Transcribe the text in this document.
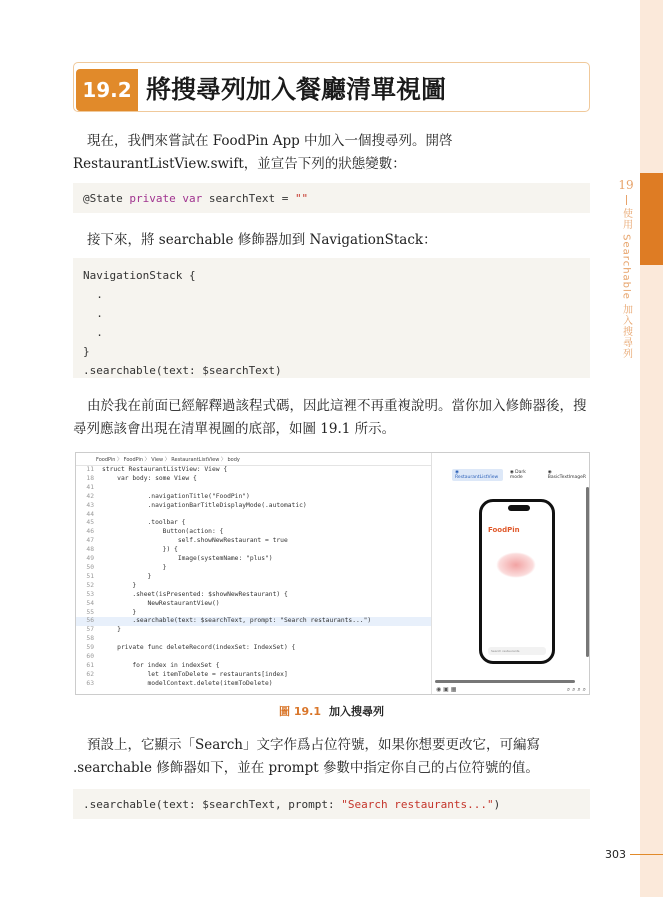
19
使用 Searchable 加入搜尋列
19.2 將搜尋列加入餐廳清單視圖

現在，我們來嘗試在 FoodPin App 中加入一個搜尋列。開啓 RestaurantListView.swift，並宣告下列的狀態變數：

@State private var searchText = ""

接下來，將 searchable 修飾器加到 NavigationStack：

NavigationStack {
.
.
.
}
.searchable(text: $searchText)

由於我在前面已經解釋過該程式碼，因此這裡不再重複說明。當你加入修飾器後，搜尋列應該會出現在清單視圖的底部，如圖 19.1 所示。

FoodPin 〉 FoodPin 〉 View 〉 RestaurantListView 〉 body
11 struct RestaurantListView: View {
18    var body: some View {
41
42            .navigationTitle("FoodPin")
43            .navigationBarTitleDisplayMode(.automatic)
44
45            .toolbar {
46                Button(action: {
47                    self.showNewRestaurant = true
48                }) {
49                    Image(systemName: "plus")
50                }
51            }
52        }
53        .sheet(isPresented: $showNewRestaurant) {
54            NewRestaurantView()
55        }
56        .searchable(text: $searchText, prompt: "Search restaurants...")
57    }
58
59    private func deleteRecord(indexSet: IndexSet) {
60
61        for index in indexSet {
62            let itemToDelete = restaurants[index]
63            modelContext.delete(itemToDelete)
◉ RestaurantListView
◉ Dark mode
◉ BasicTextImageR
FoodPin
Search restaurants
◉ ▣ ▦	⌕ ⌕ ⌕ ⌕
圖 19.1 加入搜尋列

預設上，它顯示「Search」文字作爲占位符號，如果你想要更改它，可編寫 .searchable 修飾器如下，並在 prompt 參數中指定你自己的占位符號的值。

.searchable(text: $searchText, prompt: "Search restaurants...")
303
